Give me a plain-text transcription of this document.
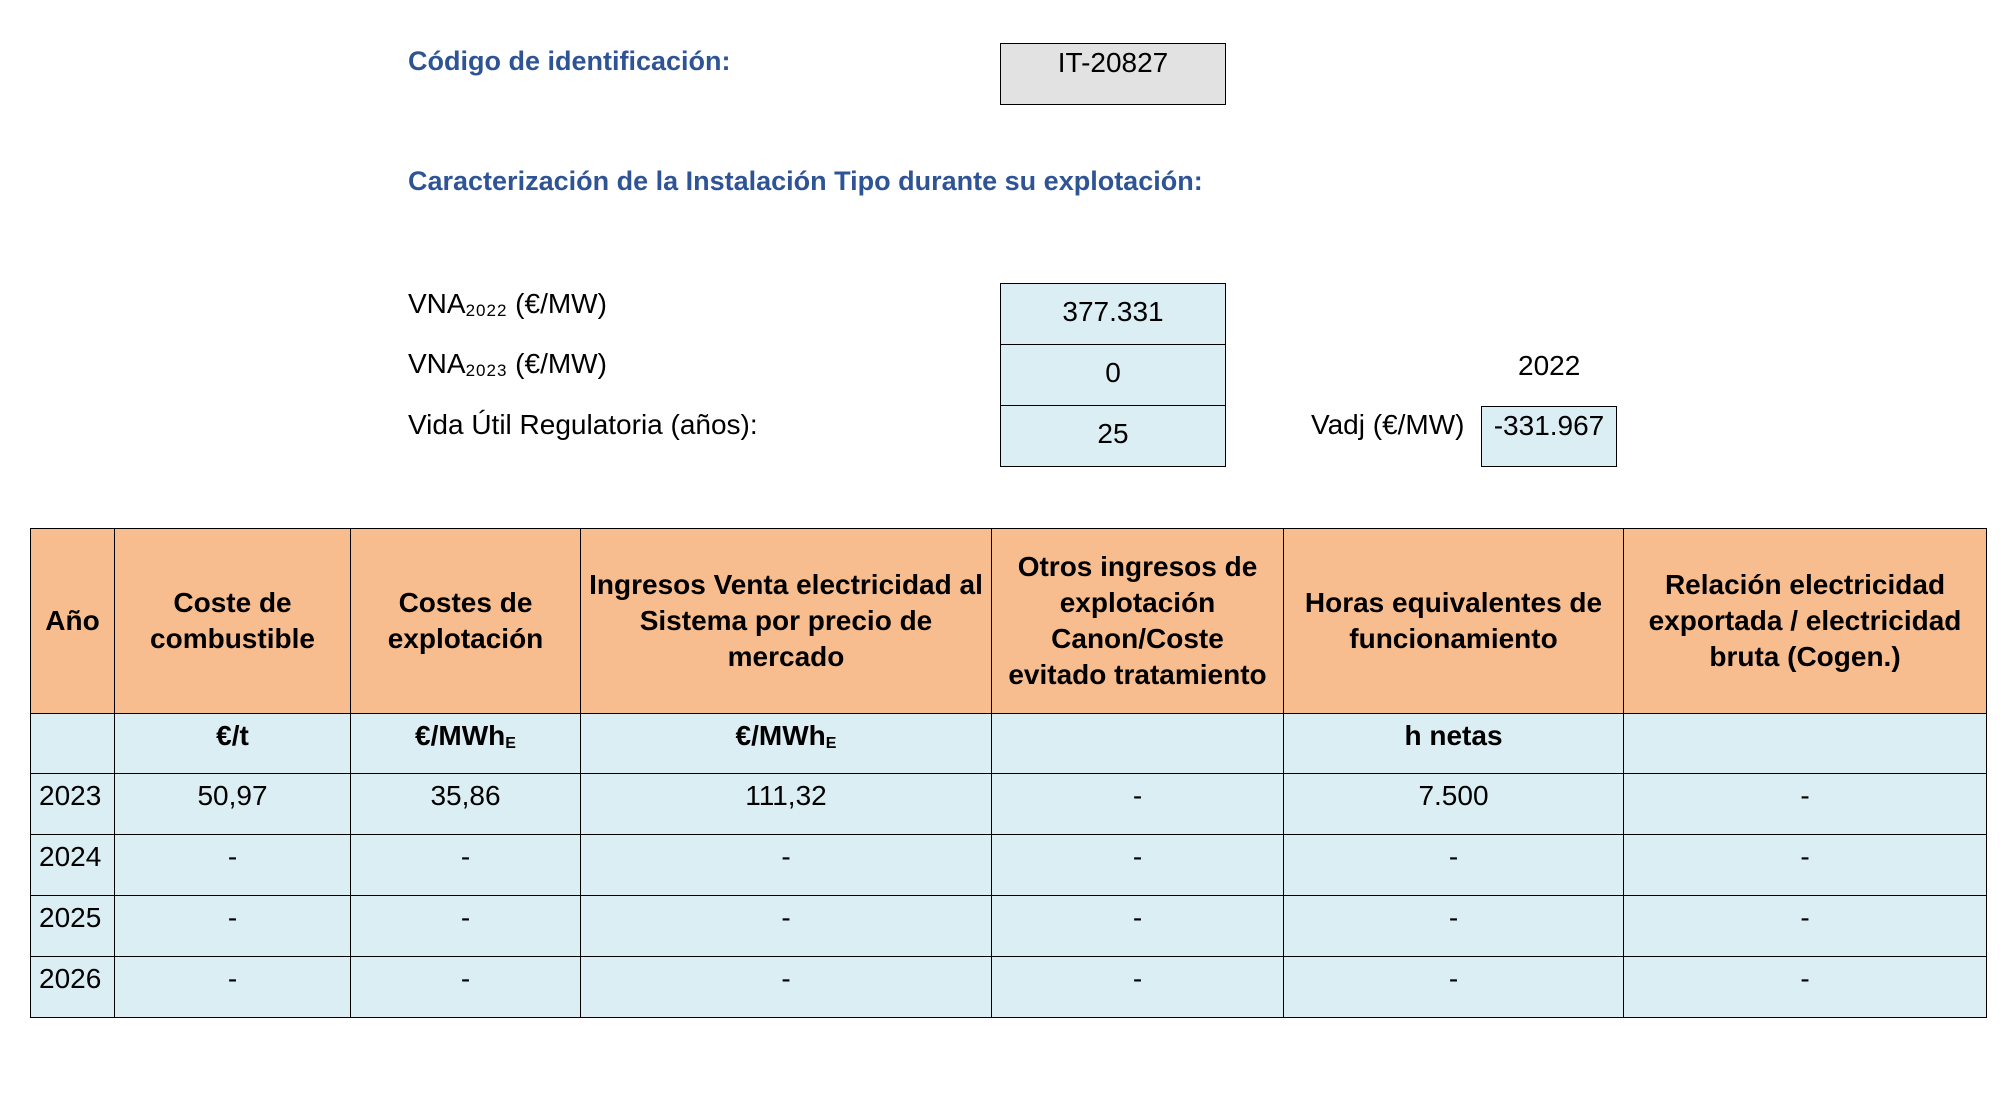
Código de identificación:	IT-20827
Caracterización de la Instalación Tipo durante su explotación:
$VNA_{2022}$ (€/MW)	377.331
$VNA_{2023}$ (€/MW)	0
Vida Útil Regulatoria (años):	25
2022
Vadj (€/MW)	-331.967
Año	Coste de combustible	Costes de explotación	Ingresos Venta electricidad al Sistema por precio de mercado	Otros ingresos de explotación Canon/Coste evitado tratamiento	Horas equivalentes de funcionamiento	Relación electricidad exportada / electricidad bruta (Cogen.)
	€/t	€/MWh$_E$	€/MWh$_E$		h netas	
2023	50,97	35,86	111,32	-	7.500	-
2024	-	-	-	-	-	-
2025	-	-	-	-	-	-
2026	-	-	-	-	-	-
